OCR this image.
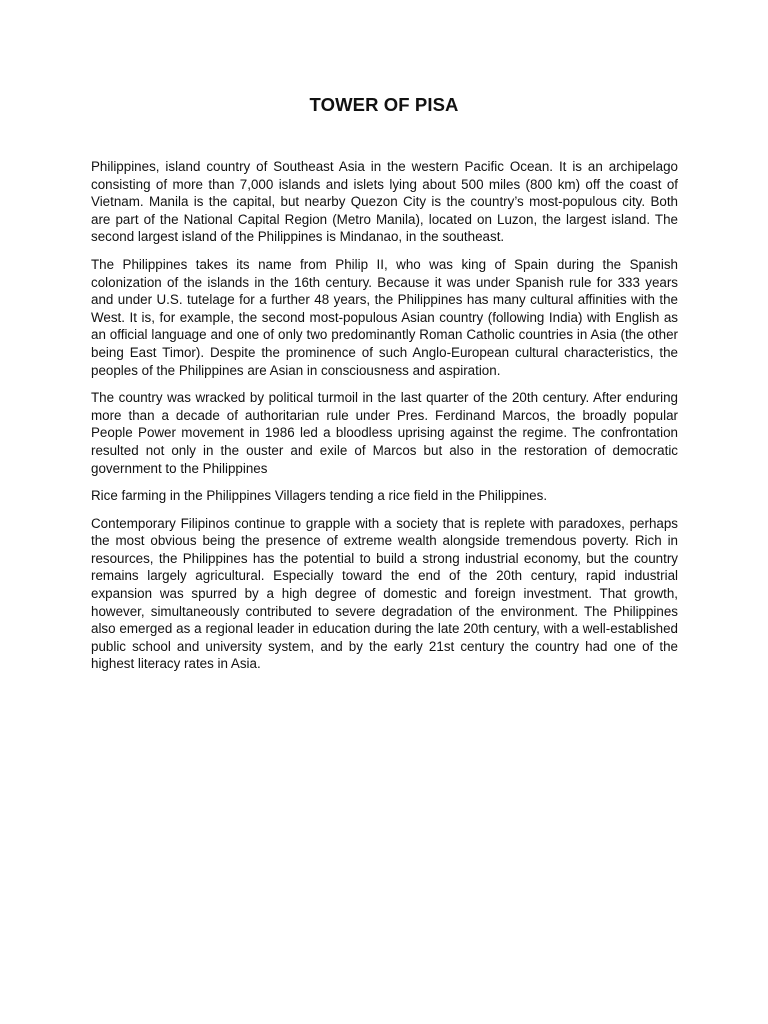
TOWER OF PISA

Philippines, island country of Southeast Asia in the western Pacific Ocean. It is an archipelago consisting of more than 7,000 islands and islets lying about 500 miles (800 km) off the coast of Vietnam. Manila is the capital, but nearby Quezon City is the country’s most-populous city. Both are part of the National Capital Region (Metro Manila), located on Luzon, the largest island. The second largest island of the Philippines is Mindanao, in the southeast.

The Philippines takes its name from Philip II, who was king of Spain during the Spanish colonization of the islands in the 16th century. Because it was under Spanish rule for 333 years and under U.S. tutelage for a further 48 years, the Philippines has many cultural affinities with the West. It is, for example, the second most-populous Asian country (following India) with English as an official language and one of only two predominantly Roman Catholic countries in Asia (the other being East Timor). Despite the prominence of such Anglo-European cultural characteristics, the peoples of the Philippines are Asian in consciousness and aspiration.

The country was wracked by political turmoil in the last quarter of the 20th century. After enduring more than a decade of authoritarian rule under Pres. Ferdinand Marcos, the broadly popular People Power movement in 1986 led a bloodless uprising against the regime. The confrontation resulted not only in the ouster and exile of Marcos but also in the restoration of democratic government to the Philippines

Rice farming in the Philippines Villagers tending a rice field in the Philippines.

Contemporary Filipinos continue to grapple with a society that is replete with paradoxes, perhaps the most obvious being the presence of extreme wealth alongside tremendous poverty. Rich in resources, the Philippines has the potential to build a strong industrial economy, but the country remains largely agricultural. Especially toward the end of the 20th century, rapid industrial expansion was spurred by a high degree of domestic and foreign investment. That growth, however, simultaneously contributed to severe degradation of the environment. The Philippines also emerged as a regional leader in education during the late 20th century, with a well-established public school and university system, and by the early 21st century the country had one of the highest literacy rates in Asia.
